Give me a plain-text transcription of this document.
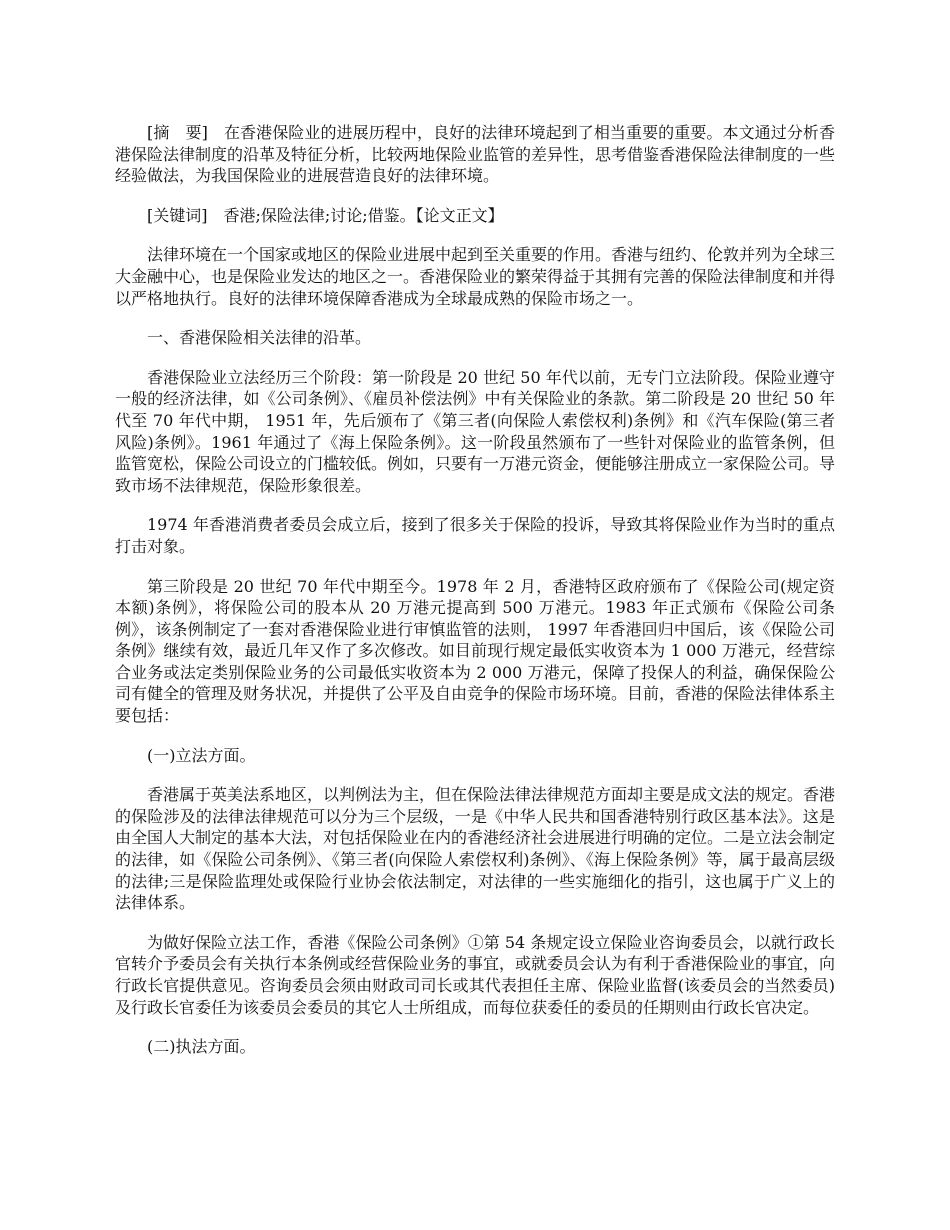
[摘　要]　在香港保险业的进展历程中，良好的法律环境起到了相当重要的重要。本文通过分析香港保险法律制度的沿革及特征分析，比较两地保险业监管的差异性，思考借鉴香港保险法律制度的一些经验做法，为我国保险业的进展营造良好的法律环境。

[关键词]　香港;保险法律;讨论;借鉴。【论文正文】

法律环境在一个国家或地区的保险业进展中起到至关重要的作用。香港与纽约、伦敦并列为全球三大金融中心，也是保险业发达的地区之一。香港保险业的繁荣得益于其拥有完善的保险法律制度和并得以严格地执行。良好的法律环境保障香港成为全球最成熟的保险市场之一。

一、香港保险相关法律的沿革。

香港保险业立法经历三个阶段：第一阶段是 20 世纪 50 年代以前，无专门立法阶段。保险业遵守一般的经济法律，如《公司条例》、《雇员补偿法例》中有关保险业的条款。第二阶段是 20 世纪 50 年代至 70 年代中期， 1951 年，先后颁布了《第三者(向保险人索偿权利)条例》和《汽车保险(第三者风险)条例》。1961 年通过了《海上保险条例》。这一阶段虽然颁布了一些针对保险业的监管条例，但监管宽松，保险公司设立的门槛较低。例如，只要有一万港元资金，便能够注册成立一家保险公司。导致市场不法律规范，保险形象很差。

1974 年香港消费者委员会成立后，接到了很多关于保险的投诉，导致其将保险业作为当时的重点打击对象。

第三阶段是 20 世纪 70 年代中期至今。1978 年 2 月，香港特区政府颁布了《保险公司(规定资本额)条例》，将保险公司的股本从 20 万港元提高到 500 万港元。1983 年正式颁布《保险公司条例》，该条例制定了一套对香港保险业进行审慎监管的法则， 1997 年香港回归中国后，该《保险公司条例》继续有效，最近几年又作了多次修改。如目前现行规定最低实收资本为 1 000 万港元，经营综合业务或法定类别保险业务的公司最低实收资本为 2 000 万港元，保障了投保人的利益，确保保险公司有健全的管理及财务状况，并提供了公平及自由竞争的保险市场环境。目前，香港的保险法律体系主要包括：

(一)立法方面。

香港属于英美法系地区，以判例法为主，但在保险法律法律规范方面却主要是成文法的规定。香港的保险涉及的法律法律规范可以分为三个层级，一是《中华人民共和国香港特别行政区基本法》。这是由全国人大制定的基本大法，对包括保险业在内的香港经济社会进展进行明确的定位。二是立法会制定的法律，如《保险公司条例》、《第三者(向保险人索偿权利)条例》、《海上保险条例》等，属于最高层级的法律;三是保险监理处或保险行业协会依法制定，对法律的一些实施细化的指引，这也属于广义上的法律体系。

为做好保险立法工作，香港《保险公司条例》①第 54 条规定设立保险业咨询委员会，以就行政长官转介予委员会有关执行本条例或经营保险业务的事宜，或就委员会认为有利于香港保险业的事宜，向行政长官提供意见。咨询委员会须由财政司司长或其代表担任主席、保险业监督(该委员会的当然委员)及行政长官委任为该委员会委员的其它人士所组成，而每位获委任的委员的任期则由行政长官决定。

(二)执法方面。
